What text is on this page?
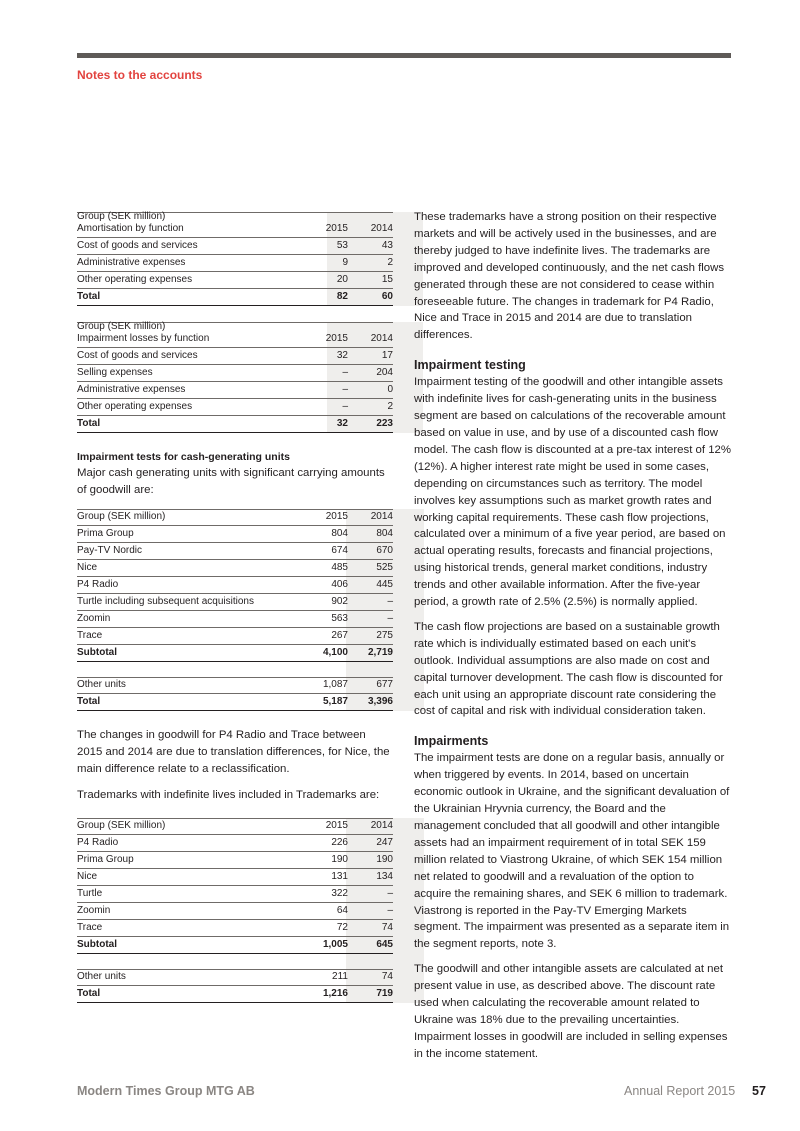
Notes to the accounts
Group (SEK million)
Amortisation by function	2015	2014
Cost of goods and services	53	43
Administrative expenses	9	2
Other operating expenses	20	15
Total	82	60
Group (SEK million)
Impairment losses by function	2015	2014
Cost of goods and services	32	17
Selling expenses	–	204
Administrative expenses	–	0
Other operating expenses	–	2
Total	32	223

Impairment tests for cash-generating units

Major cash generating units with significant carrying amounts of goodwill are:

Group (SEK million)	2015	2014
Prima Group	804	804
Pay-TV Nordic	674	670
Nice	485	525
P4 Radio	406	445
Turtle including subsequent acquisitions	902	–
Zoomin	563	–
Trace	267	275
Subtotal	4,100	2,719
Other units	1,087	677
Total	5,187	3,396

The changes in goodwill for P4 Radio and Trace between 2015 and 2014 are due to translation differences, for Nice, the main difference relate to a reclassification.

Trademarks with indefinite lives included in Trademarks are:

Group (SEK million)	2015	2014
P4 Radio	226	247
Prima Group	190	190
Nice	131	134
Turtle	322	–
Zoomin	64	–
Trace	72	74
Subtotal	1,005	645
Other units	211	74
Total	1,216	719

These trademarks have a strong position on their respective markets and will be actively used in the businesses, and are thereby judged to have indefinite lives. The trademarks are improved and developed continuously, and the net cash flows generated through these are not considered to cease within foreseeable future. The changes in trademark for P4 Radio, Nice and Trace in 2015 and 2014 are due to translation differences.

Impairment testing

Impairment testing of the goodwill and other intangible assets with indefinite lives for cash-generating units in the business segment are based on calculations of the recoverable amount based on value in use, and by use of a discounted cash flow model. The cash flow is discounted at a pre-tax interest of 12% (12%). A higher interest rate might be used in some cases, depending on circumstances such as territory. The model involves key assumptions such as market growth rates and working capital requirements. These cash flow projections, calculated over a minimum of a five year period, are based on actual operating results, forecasts and financial projections, using historical trends, general market conditions, industry trends and other available information. After the five-year period, a growth rate of 2.5% (2.5%) is normally applied.

The cash flow projections are based on a sustainable growth rate which is individually estimated based on each unit's outlook. Individual assumptions are also made on cost and capital turnover development. The cash flow is discounted for each unit using an appropriate discount rate considering the cost of capital and risk with individual consideration taken.

Impairments

The impairment tests are done on a regular basis, annually or when triggered by events. In 2014, based on uncertain economic outlook in Ukraine, and the significant devaluation of the Ukrainian Hryvnia currency, the Board and the management concluded that all goodwill and other intangible assets had an impairment requirement of in total SEK 159 million related to Viastrong Ukraine, of which SEK 154 million net related to goodwill and a revaluation of the option to acquire the remaining shares, and SEK 6 million to trademark. Viastrong is reported in the Pay-TV Emerging Markets segment. The impairment was presented as a separate item in the segment reports, note 3.

The goodwill and other intangible assets are calculated at net present value in use, as described above. The discount rate used when calculating the recoverable amount related to Ukraine was 18% due to the prevailing uncertainties. Impairment losses in goodwill are included in selling expenses in the income statement.

Modern Times Group MTG AB	Annual Report 2015 57
